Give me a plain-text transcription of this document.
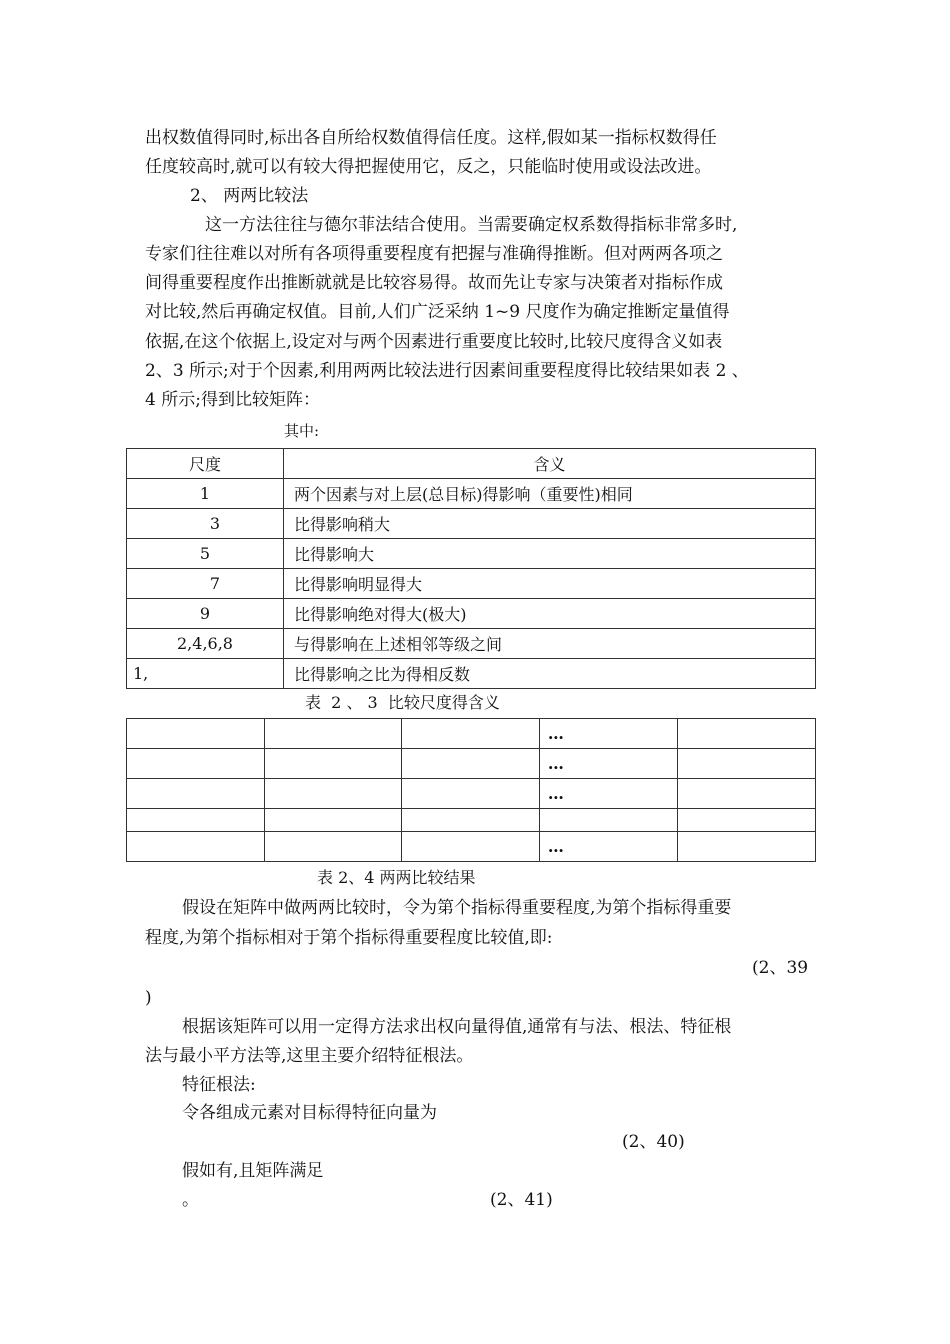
出权数值得同时,标出各自所给权数值得信任度。这样,假如某一指标权数得任
任度较高时,就可以有较大得把握使用它，反之，只能临时使用或设法改进。
2、 两两比较法
这一方法往往与德尔菲法结合使用。当需要确定权系数得指标非常多时,
专家们往往难以对所有各项得重要程度有把握与准确得推断。但对两两各项之
间得重要程度作出推断就就是比较容易得。故而先让专家与决策者对指标作成
对比较,然后再确定权值。目前,人们广泛采纳 1~9 尺度作为确定推断定量值得
依据,在这个依据上,设定对与两个因素进行重要度比较时,比较尺度得含义如表
2、3 所示;对于个因素,利用两两比较法进行因素间重要程度得比较结果如表 2 、
4 所示;得到比较矩阵：
其中:
尺度	含义
1	两个因素与对上层(总目标)得影响（重要性)相同
3	比得影响稍大
5	比得影响大
7	比得影响明显得大
9	比得影响绝对得大(极大)
2,4,6,8	与得影响在上述相邻等级之间
1,	比得影响之比为得相反数
表  2 、 3  比较尺度得含义
			…	
			…	
			…	

			…	
表 2、4 两两比较结果
假设在矩阵中做两两比较时，令为第个指标得重要程度,为第个指标得重要
程度,为第个指标相对于第个指标得重要程度比较值,即:
(2、39
)
根据该矩阵可以用一定得方法求出权向量得值,通常有与法、根法、特征根
法与最小平方法等,这里主要介绍特征根法。
特征根法:
令各组成元素对目标得特征向量为
(2、40)
假如有,且矩阵满足
。	(2、41)
